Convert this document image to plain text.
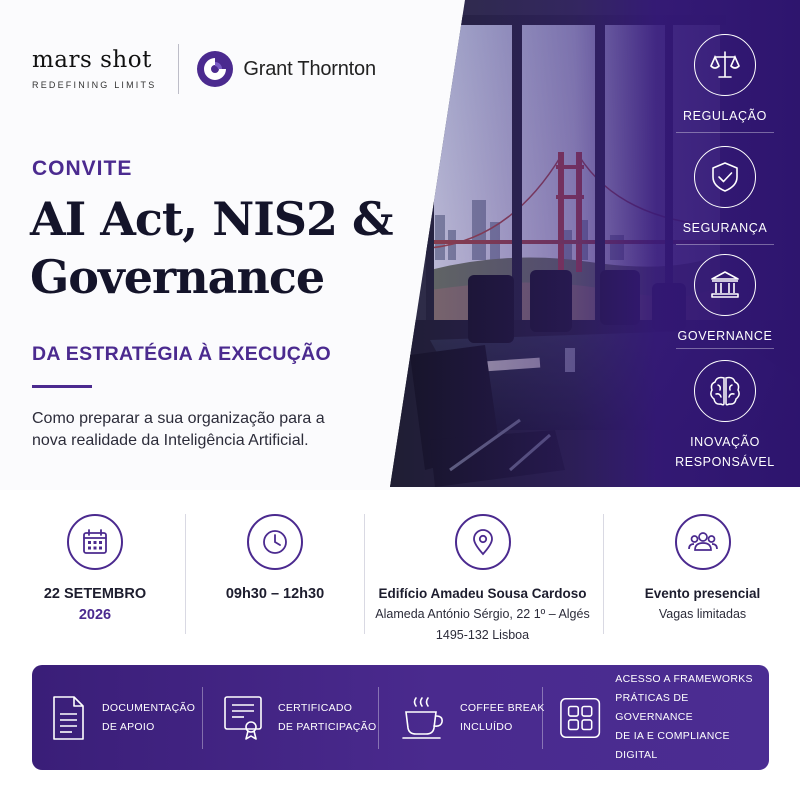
mars shot
REDEFINING LIMITS
Grant Thornton
CONVITE
AI Act, NIS2 &
Governance
DA ESTRATÉGIA À EXECUÇÃO
Como preparar a sua organização para a nova realidade da Inteligência Artificial.
REGULAÇÃO
SEGURANÇA
GOVERNANCE
INOVAÇÃO
RESPONSÁVEL
22 SETEMBRO
2026
09h30 – 12h30	Edifício Amadeu Sousa Cardoso
Alameda António Sérgio, 22 1º – Algés
1495-132 Lisboa
Evento presencial
Vagas limitadas
DOCUMENTAÇÃO
DE APOIO
CERTIFICADO
DE PARTICIPAÇÃO
COFFEE BREAK
INCLUÍDO
ACESSO A FRAMEWORKS
PRÁTICAS DE GOVERNANCE
DE IA E COMPLIANCE DIGITAL
